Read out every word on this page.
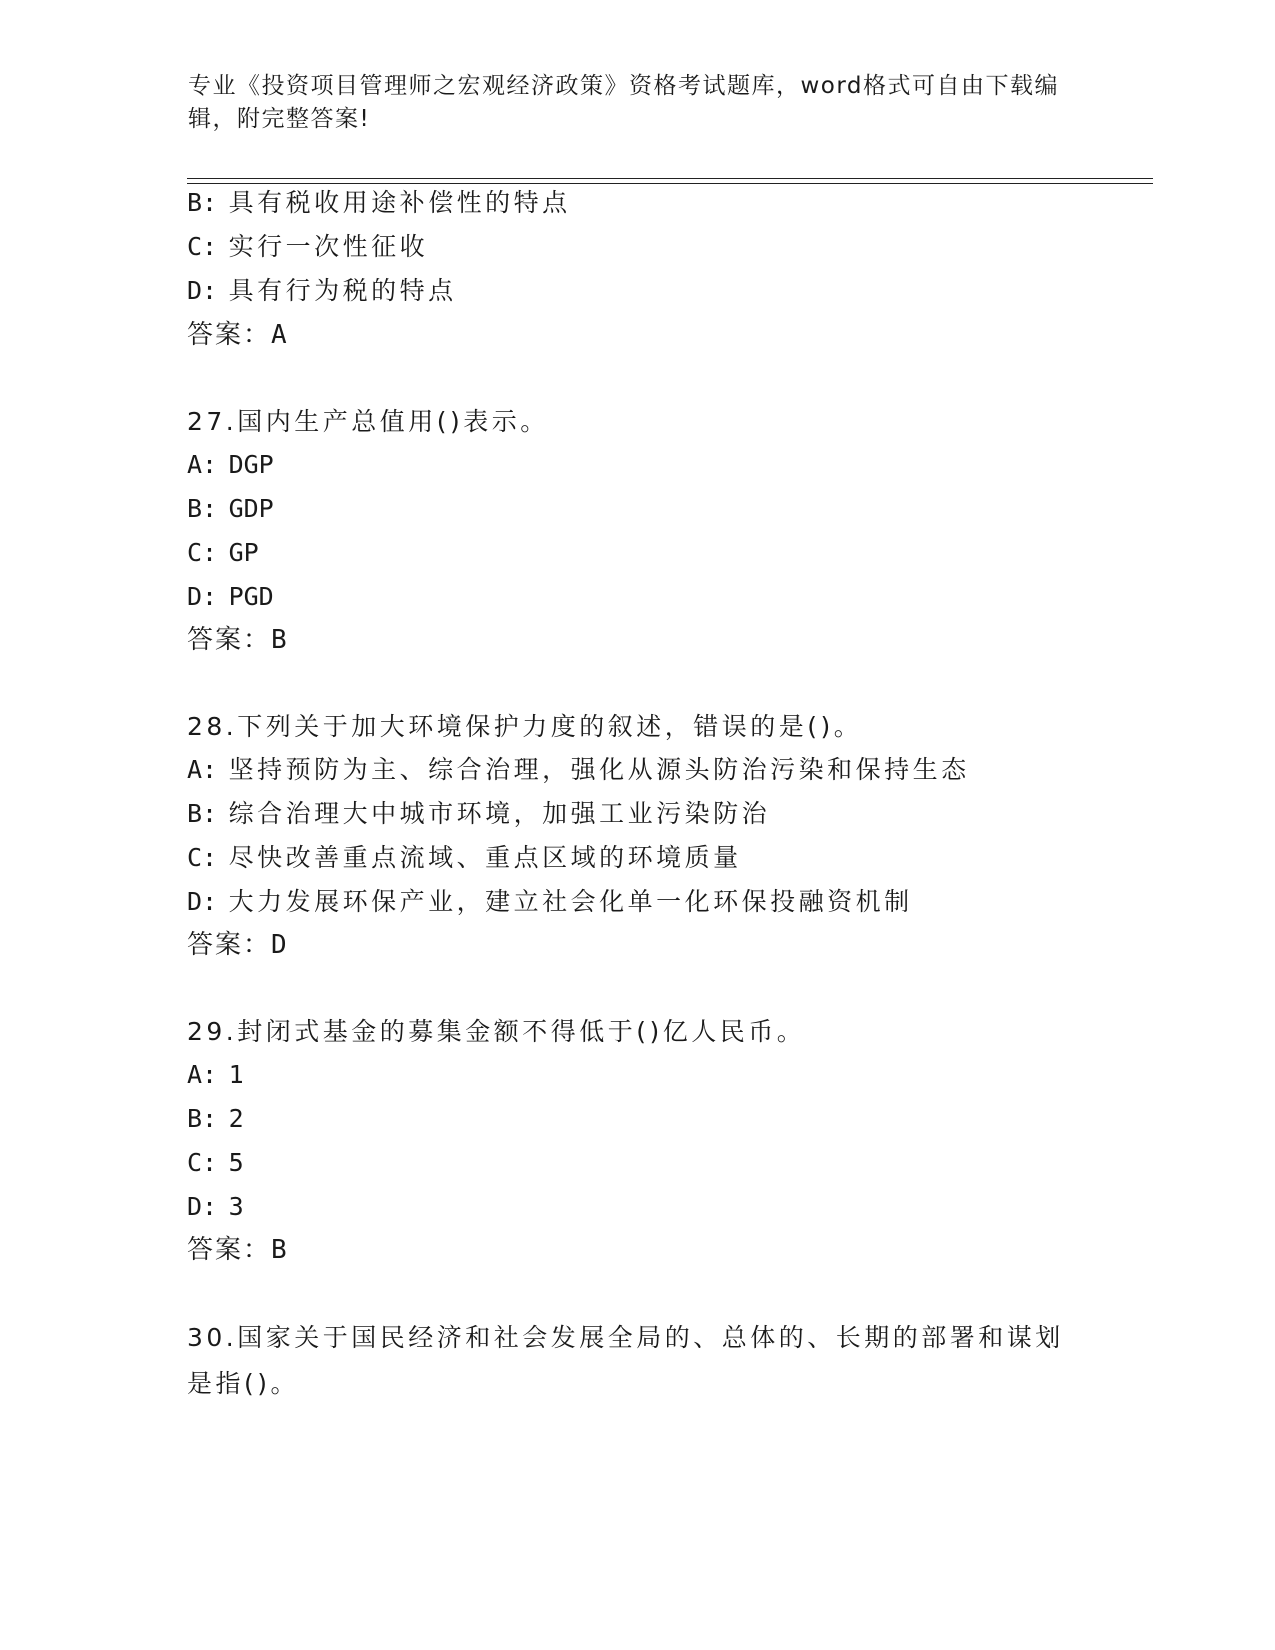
专业《投资项目管理师之宏观经济政策》资格考试题库，word格式可自由下载编辑，附完整答案!
B: 具有税收用途补偿性的特点
C: 实行一次性征收
D: 具有行为税的特点
答案：A
27.国内生产总值用()表示。
A: DGP
B: GDP
C: GP
D: PGD
答案：B
28.下列关于加大环境保护力度的叙述，错误的是()。
A: 坚持预防为主、综合治理，强化从源头防治污染和保持生态
B: 综合治理大中城市环境，加强工业污染防治
C: 尽快改善重点流域、重点区域的环境质量
D: 大力发展环保产业，建立社会化单一化环保投融资机制
答案：D
29.封闭式基金的募集金额不得低于()亿人民币。
A: 1
B: 2
C: 5
D: 3
答案：B
30.国家关于国民经济和社会发展全局的、总体的、长期的部署和谋划是指()。
